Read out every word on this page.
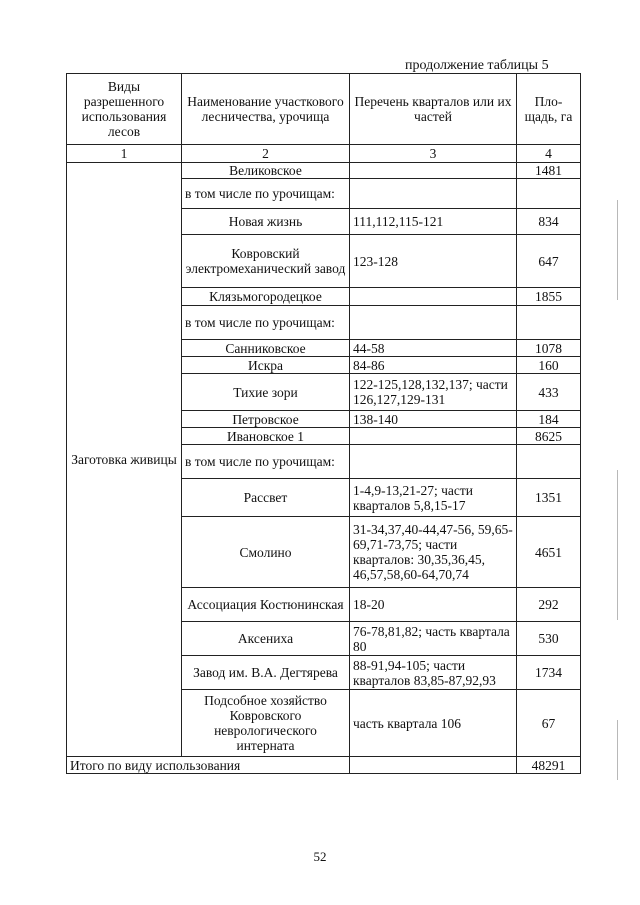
продолжение таблицы 5
Виды разрешенного использования лесов	Наименование участкового лесничества, урочища	Перечень кварталов или их частей	Пло-щадь, га
1	2	3	4
Заготовка живицы	Великовское		1481
	в том числе по урочищам:		
	Новая жизнь	111,112,115-121	834
	Ковровский электромеханический завод	123-128	647
	Клязьмогородецкое		1855
	в том числе по урочищам:		
	Санниковское	44-58	1078
	Искра	84-86	160
	Тихие зори	122-125,128,132,137; части 126,127,129-131	433
	Петровское	138-140	184
	Ивановское 1		8625
	в том числе по урочищам:		
	Рассвет	1-4,9-13,21-27; части кварталов 5,8,15-17	1351
	Смолино	31-34,37,40-44,47-56, 59,65-69,71-73,75; части кварталов: 30,35,36,45, 46,57,58,60-64,70,74	4651
	Ассоциация Костюнинская	18-20	292
	Аксениха	76-78,81,82; часть квартала 80	530
	Завод им. В.А. Дегтярева	88-91,94-105; части кварталов 83,85-87,92,93	1734
	Подсобное хозяйство Ковровского неврологического интерната	часть квартала 106	67
Итого по виду использования			48291
52
